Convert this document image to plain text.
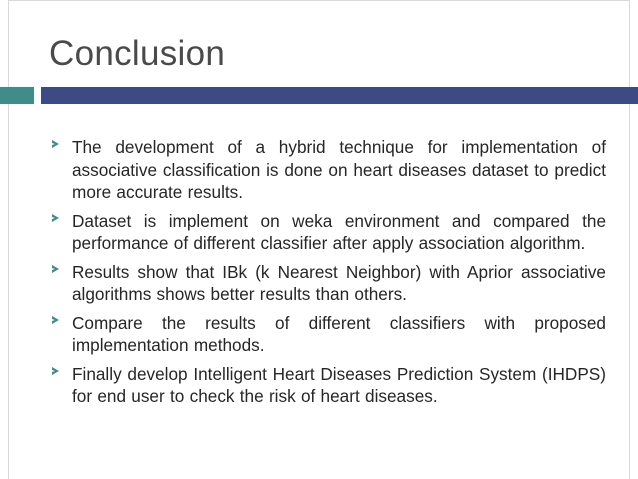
Conclusion
The development of a hybrid technique for implementation of associative classification is done on heart diseases dataset to predict more accurate results.
Dataset is implement on weka environment and compared the performance of different classifier after apply association algorithm.
Results show that IBk (k Nearest Neighbor) with Aprior associative algorithms shows better results than others.
Compare the results of different classifiers with proposed implementation methods.
Finally develop Intelligent Heart Diseases Prediction System (IHDPS) for end user to check the risk of heart diseases.
